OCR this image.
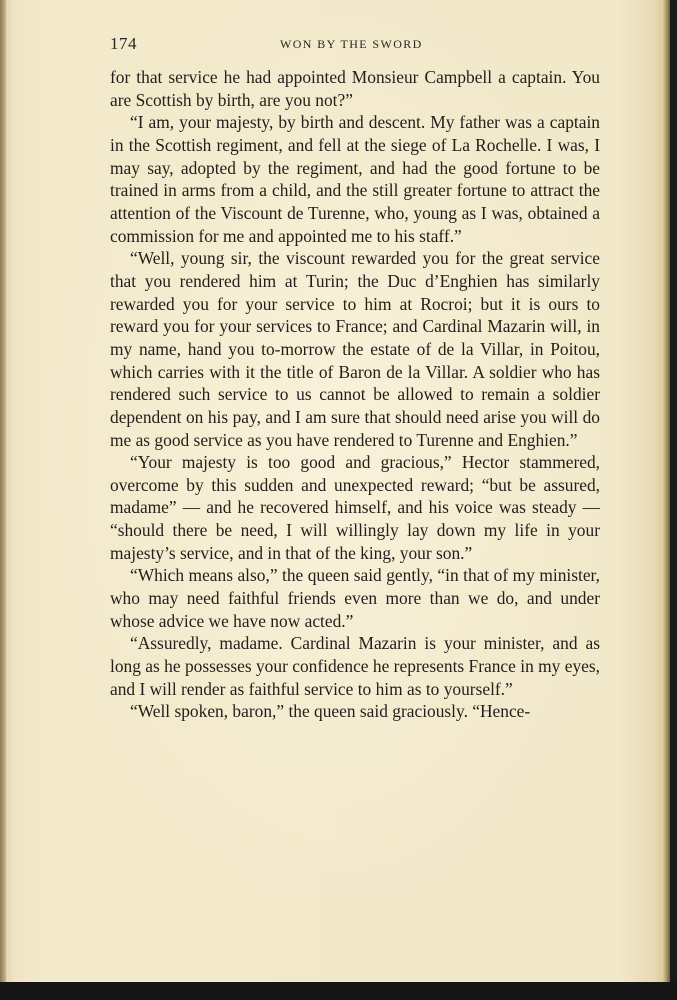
174	WON BY THE SWORD

for that service he had appointed Monsieur Campbell a captain. You are Scottish by birth, are you not?”

“I am, your majesty, by birth and descent. My father was a captain in the Scottish regiment, and fell at the siege of La Rochelle. I was, I may say, adopted by the regiment, and had the good fortune to be trained in arms from a child, and the still greater fortune to attract the attention of the Viscount de Turenne, who, young as I was, obtained a commission for me and appointed me to his staff.”

“Well, young sir, the viscount rewarded you for the great service that you rendered him at Turin; the Duc d’Enghien has similarly rewarded you for your service to him at Rocroi; but it is ours to reward you for your services to France; and Cardinal Mazarin will, in my name, hand you to-morrow the estate of de la Villar, in Poitou, which carries with it the title of Baron de la Villar. A soldier who has rendered such service to us cannot be allowed to remain a soldier dependent on his pay, and I am sure that should need arise you will do me as good service as you have rendered to Turenne and Enghien.”

“Your majesty is too good and gracious,” Hector stammered, overcome by this sudden and unexpected reward; “but be assured, madame” — and he recovered himself, and his voice was steady — “should there be need, I will willingly lay down my life in your majesty’s service, and in that of the king, your son.”

“Which means also,” the queen said gently, “in that of my minister, who may need faithful friends even more than we do, and under whose advice we have now acted.”

“Assuredly, madame. Cardinal Mazarin is your minister, and as long as he possesses your confidence he represents France in my eyes, and I will render as faithful service to him as to yourself.”

“Well spoken, baron,” the queen said graciously. “Hence-
